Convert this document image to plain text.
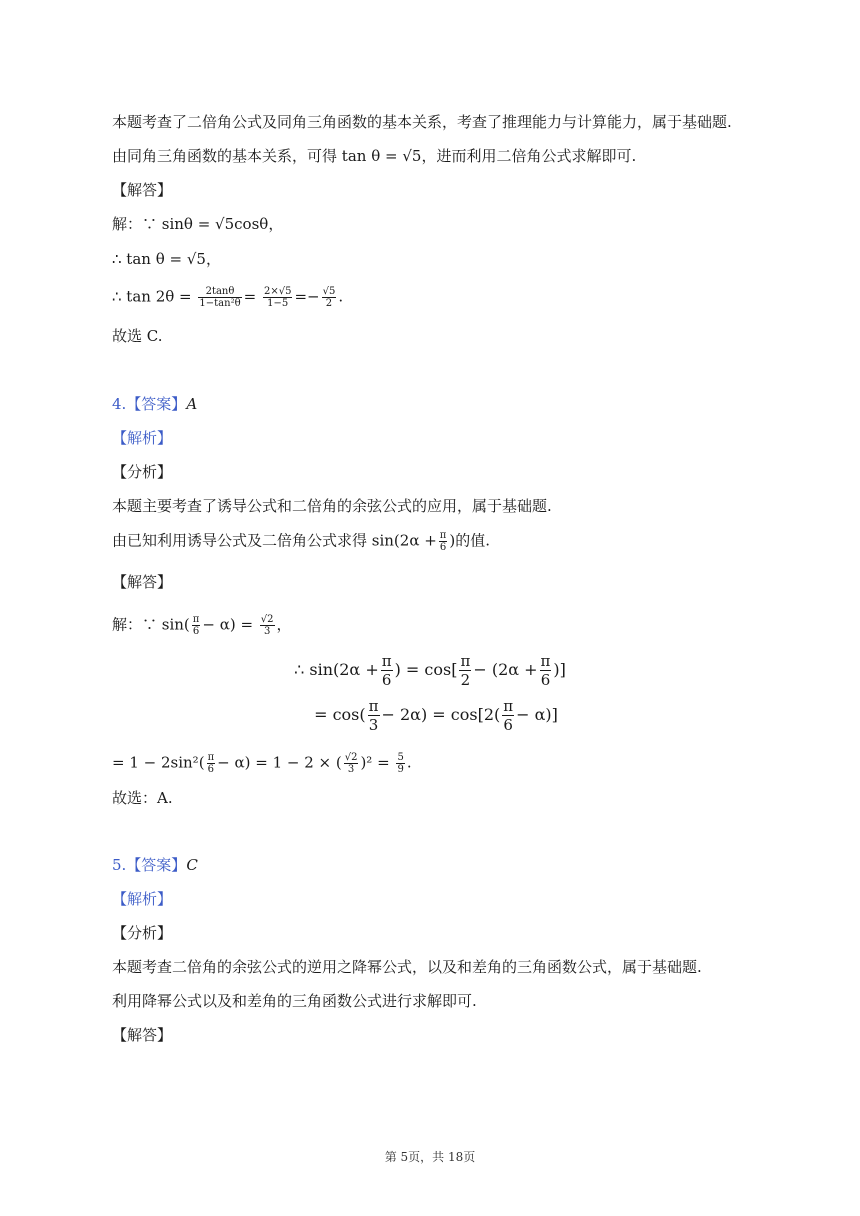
本题考查了二倍角公式及同角三角函数的基本关系，考查了推理能力与计算能力，属于基础题.
由同角三角函数的基本关系，可得 tan θ = √5，进而利用二倍角公式求解即可.
【解答】
解：∵ sinθ = √5cosθ，
∴ tan θ = √5，
∴ $\tan 2\theta = \frac{2\tan\theta}{\text{1−tan²θ}} = \frac{2\times√5}{1-5} =- \frac{√5}{2}$ .
故选 C.
4.【答案】A
【解析】
【分析】
本题主要考查了诱导公式和二倍角的余弦公式的应用，属于基础题.
由已知利用诱导公式及二倍角公式求得 $\sin(2\alpha + \frac{\pi}{6}$ )的值.
【解答】
解：∵ $\sin( \frac{\pi}{6} - \alpha) = \frac{√2}{3}$ ，
∴ $\sin(2\alpha + \frac{\pi}{6}$ ) = $\cos[ \frac{\pi}{2} - (2\alpha + \frac{\pi}{6}$ )]
= $\cos( \frac{\pi}{3} - 2\alpha) = \cos[2( \frac{\pi}{6} - \alpha)]$
= $1 - 2\sin^2( \frac{\pi}{6} - \alpha) = 1 - 2$ × ( $\frac{√2}{3} )^2 = \frac{5}{9}$ .
故选：A.
5.【答案】C
【解析】
【分析】
本题考查二倍角的余弦公式的逆用之降幂公式，以及和差角的三角函数公式，属于基础题.
利用降幂公式以及和差角的三角函数公式进行求解即可.
【解答】
第 5页，共 18页
